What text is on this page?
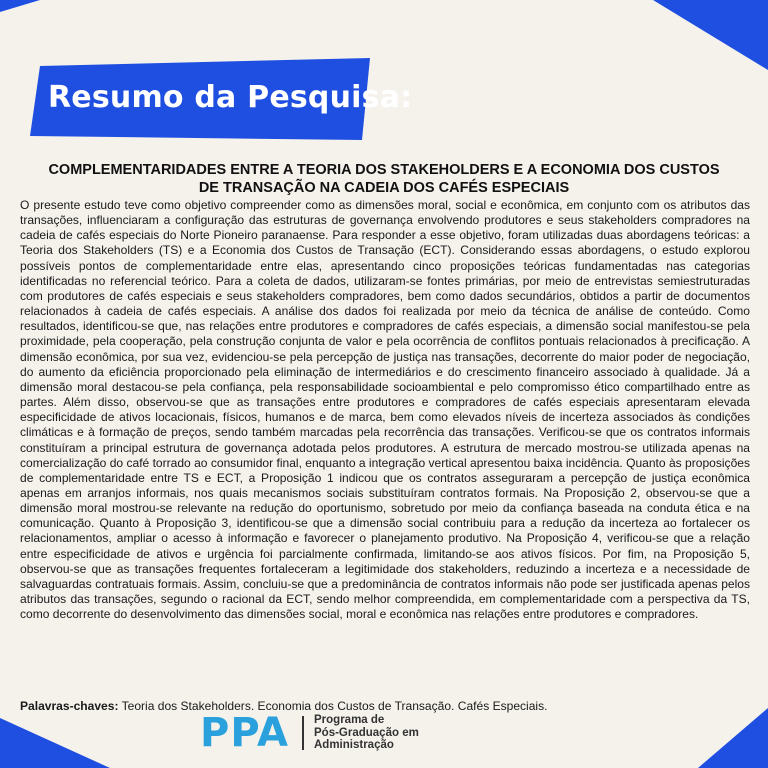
Resumo da Pesquisa:
COMPLEMENTARIDADES ENTRE A TEORIA DOS STAKEHOLDERS E A ECONOMIA DOS CUSTOS
DE TRANSAÇÃO NA CADEIA DOS CAFÉS ESPECIAIS

O presente estudo teve como objetivo compreender como as dimensões moral, social e econômica, em conjunto com os atributos das transações, influenciaram a configuração das estruturas de governança envolvendo produtores e seus stakeholders compradores na cadeia de cafés especiais do Norte Pioneiro paranaense. Para responder a esse objetivo, foram utilizadas duas abordagens teóricas: a Teoria dos Stakeholders (TS) e a Economia dos Custos de Transação (ECT). Considerando essas abordagens, o estudo explorou possíveis pontos de complementaridade entre elas, apresentando cinco proposições teóricas fundamentadas nas categorias identificadas no referencial teórico. Para a coleta de dados, utilizaram-se fontes primárias, por meio de entrevistas semiestruturadas com produtores de cafés especiais e seus stakeholders compradores, bem como dados secundários, obtidos a partir de documentos relacionados à cadeia de cafés especiais. A análise dos dados foi realizada por meio da técnica de análise de conteúdo. Como resultados, identificou-se que, nas relações entre produtores e compradores de cafés especiais, a dimensão social manifestou-se pela proximidade, pela cooperação, pela construção conjunta de valor e pela ocorrência de conflitos pontuais relacionados à precificação. A dimensão econômica, por sua vez, evidenciou-se pela percepção de justiça nas transações, decorrente do maior poder de negociação, do aumento da eficiência proporcionado pela eliminação de intermediários e do crescimento financeiro associado à qualidade. Já a dimensão moral destacou-se pela confiança, pela responsabilidade socioambiental e pelo compromisso ético compartilhado entre as partes. Além disso, observou-se que as transações entre produtores e compradores de cafés especiais apresentaram elevada especificidade de ativos locacionais, físicos, humanos e de marca, bem como elevados níveis de incerteza associados às condições climáticas e à formação de preços, sendo também marcadas pela recorrência das transações. Verificou-se que os contratos informais constituíram a principal estrutura de governança adotada pelos produtores. A estrutura de mercado mostrou-se utilizada apenas na comercialização do café torrado ao consumidor final, enquanto a integração vertical apresentou baixa incidência. Quanto às proposições de complementaridade entre TS e ECT, a Proposição 1 indicou que os contratos asseguraram a percepção de justiça econômica apenas em arranjos informais, nos quais mecanismos sociais substituíram contratos formais. Na Proposição 2, observou-se que a dimensão moral mostrou-se relevante na redução do oportunismo, sobretudo por meio da confiança baseada na conduta ética e na comunicação. Quanto à Proposição 3, identificou-se que a dimensão social contribuiu para a redução da incerteza ao fortalecer os relacionamentos, ampliar o acesso à informação e favorecer o planejamento produtivo. Na Proposição 4, verificou-se que a relação entre especificidade de ativos e urgência foi parcialmente confirmada, limitando-se aos ativos físicos. Por fim, na Proposição 5, observou-se que as transações frequentes fortaleceram a legitimidade dos stakeholders, reduzindo a incerteza e a necessidade de salvaguardas contratuais formais. Assim, concluiu-se que a predominância de contratos informais não pode ser justificada apenas pelos atributos das transações, segundo o racional da ECT, sendo melhor compreendida, em complementaridade com a perspectiva da TS, como decorrente do desenvolvimento das dimensões social, moral e econômica nas relações entre produtores e compradores.

Palavras-chaves: Teoria dos Stakeholders. Economia dos Custos de Transação. Cafés Especiais.
PPA Programa de
Pós-Graduação em
Administração
